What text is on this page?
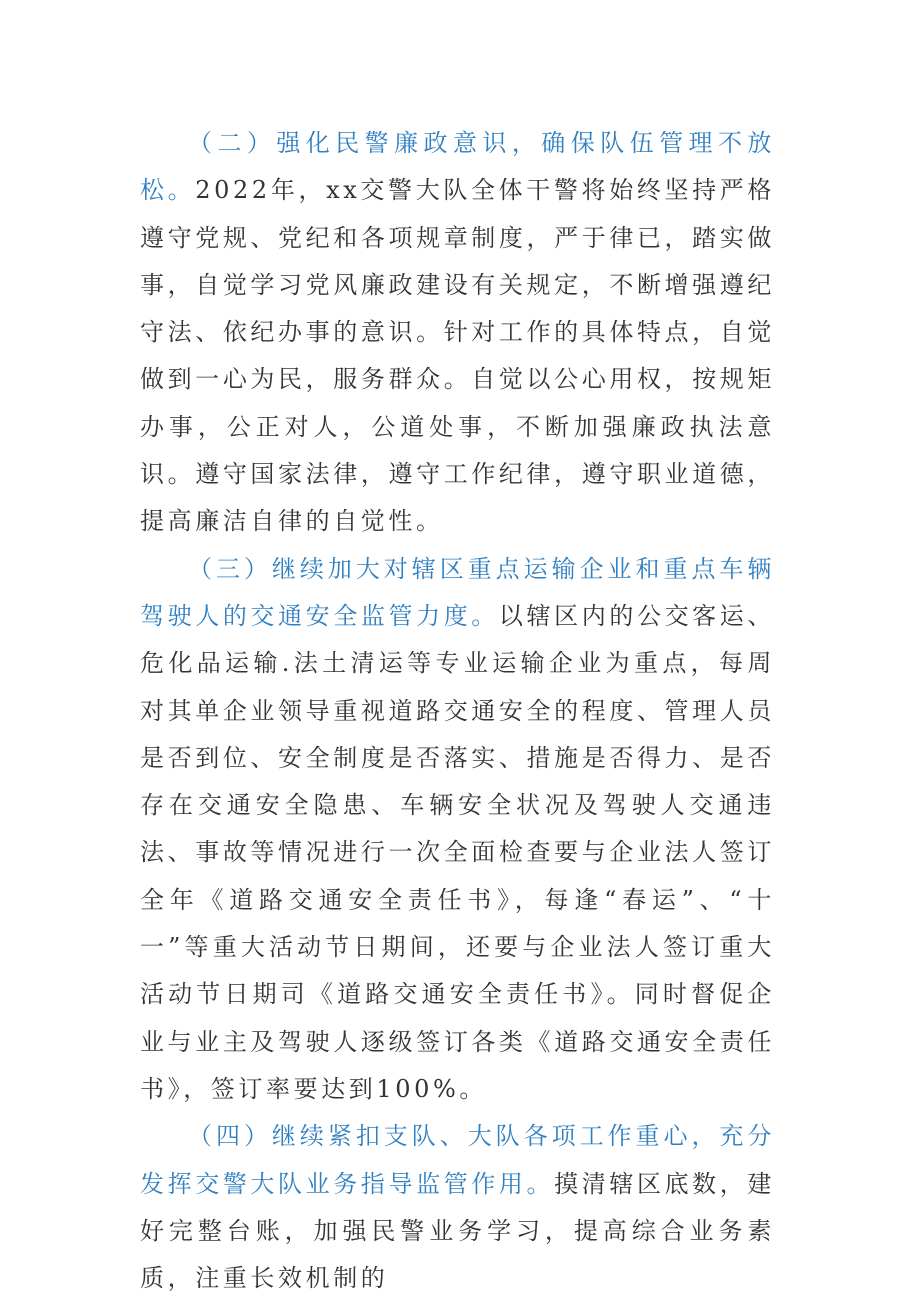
（二）强化民警廉政意识，确保队伍管理不放松。2022年，xx交警大队全体干警将始终坚持严格遵守党规、党纪和各项规章制度，严于律已，踏实做事，自觉学习党风廉政建设有关规定，不断增强遵纪守法、依纪办事的意识。针对工作的具体特点，自觉做到一心为民，服务群众。自觉以公心用权，按规矩办事，公正对人，公道处事，不断加强廉政执法意识。遵守国家法律，遵守工作纪律，遵守职业道德，提高廉洁自律的自觉性。

（三）继续加大对辖区重点运输企业和重点车辆驾驶人的交通安全监管力度。以辖区内的公交客运、危化品运输.法土清运等专业运输企业为重点，每周对其单企业领导重视道路交通安全的程度、管理人员是否到位、安全制度是否落实、措施是否得力、是否存在交通安全隐患、车辆安全状况及驾驶人交通违法、事故等情况进行一次全面检查要与企业法人签订全年《道路交通安全责任书》，每逢“春运”、“十一”等重大活动节日期间，还要与企业法人签订重大活动节日期司《道路交通安全责任书》。同时督促企业与业主及驾驶人逐级签订各类《道路交通安全责任书》，签订率要达到100%。

（四）继续紧扣支队、大队各项工作重心，充分发挥交警大队业务指导监管作用。摸清辖区底数，建好完整台账，加强民警业务学习，提高综合业务素质，注重长效机制的
